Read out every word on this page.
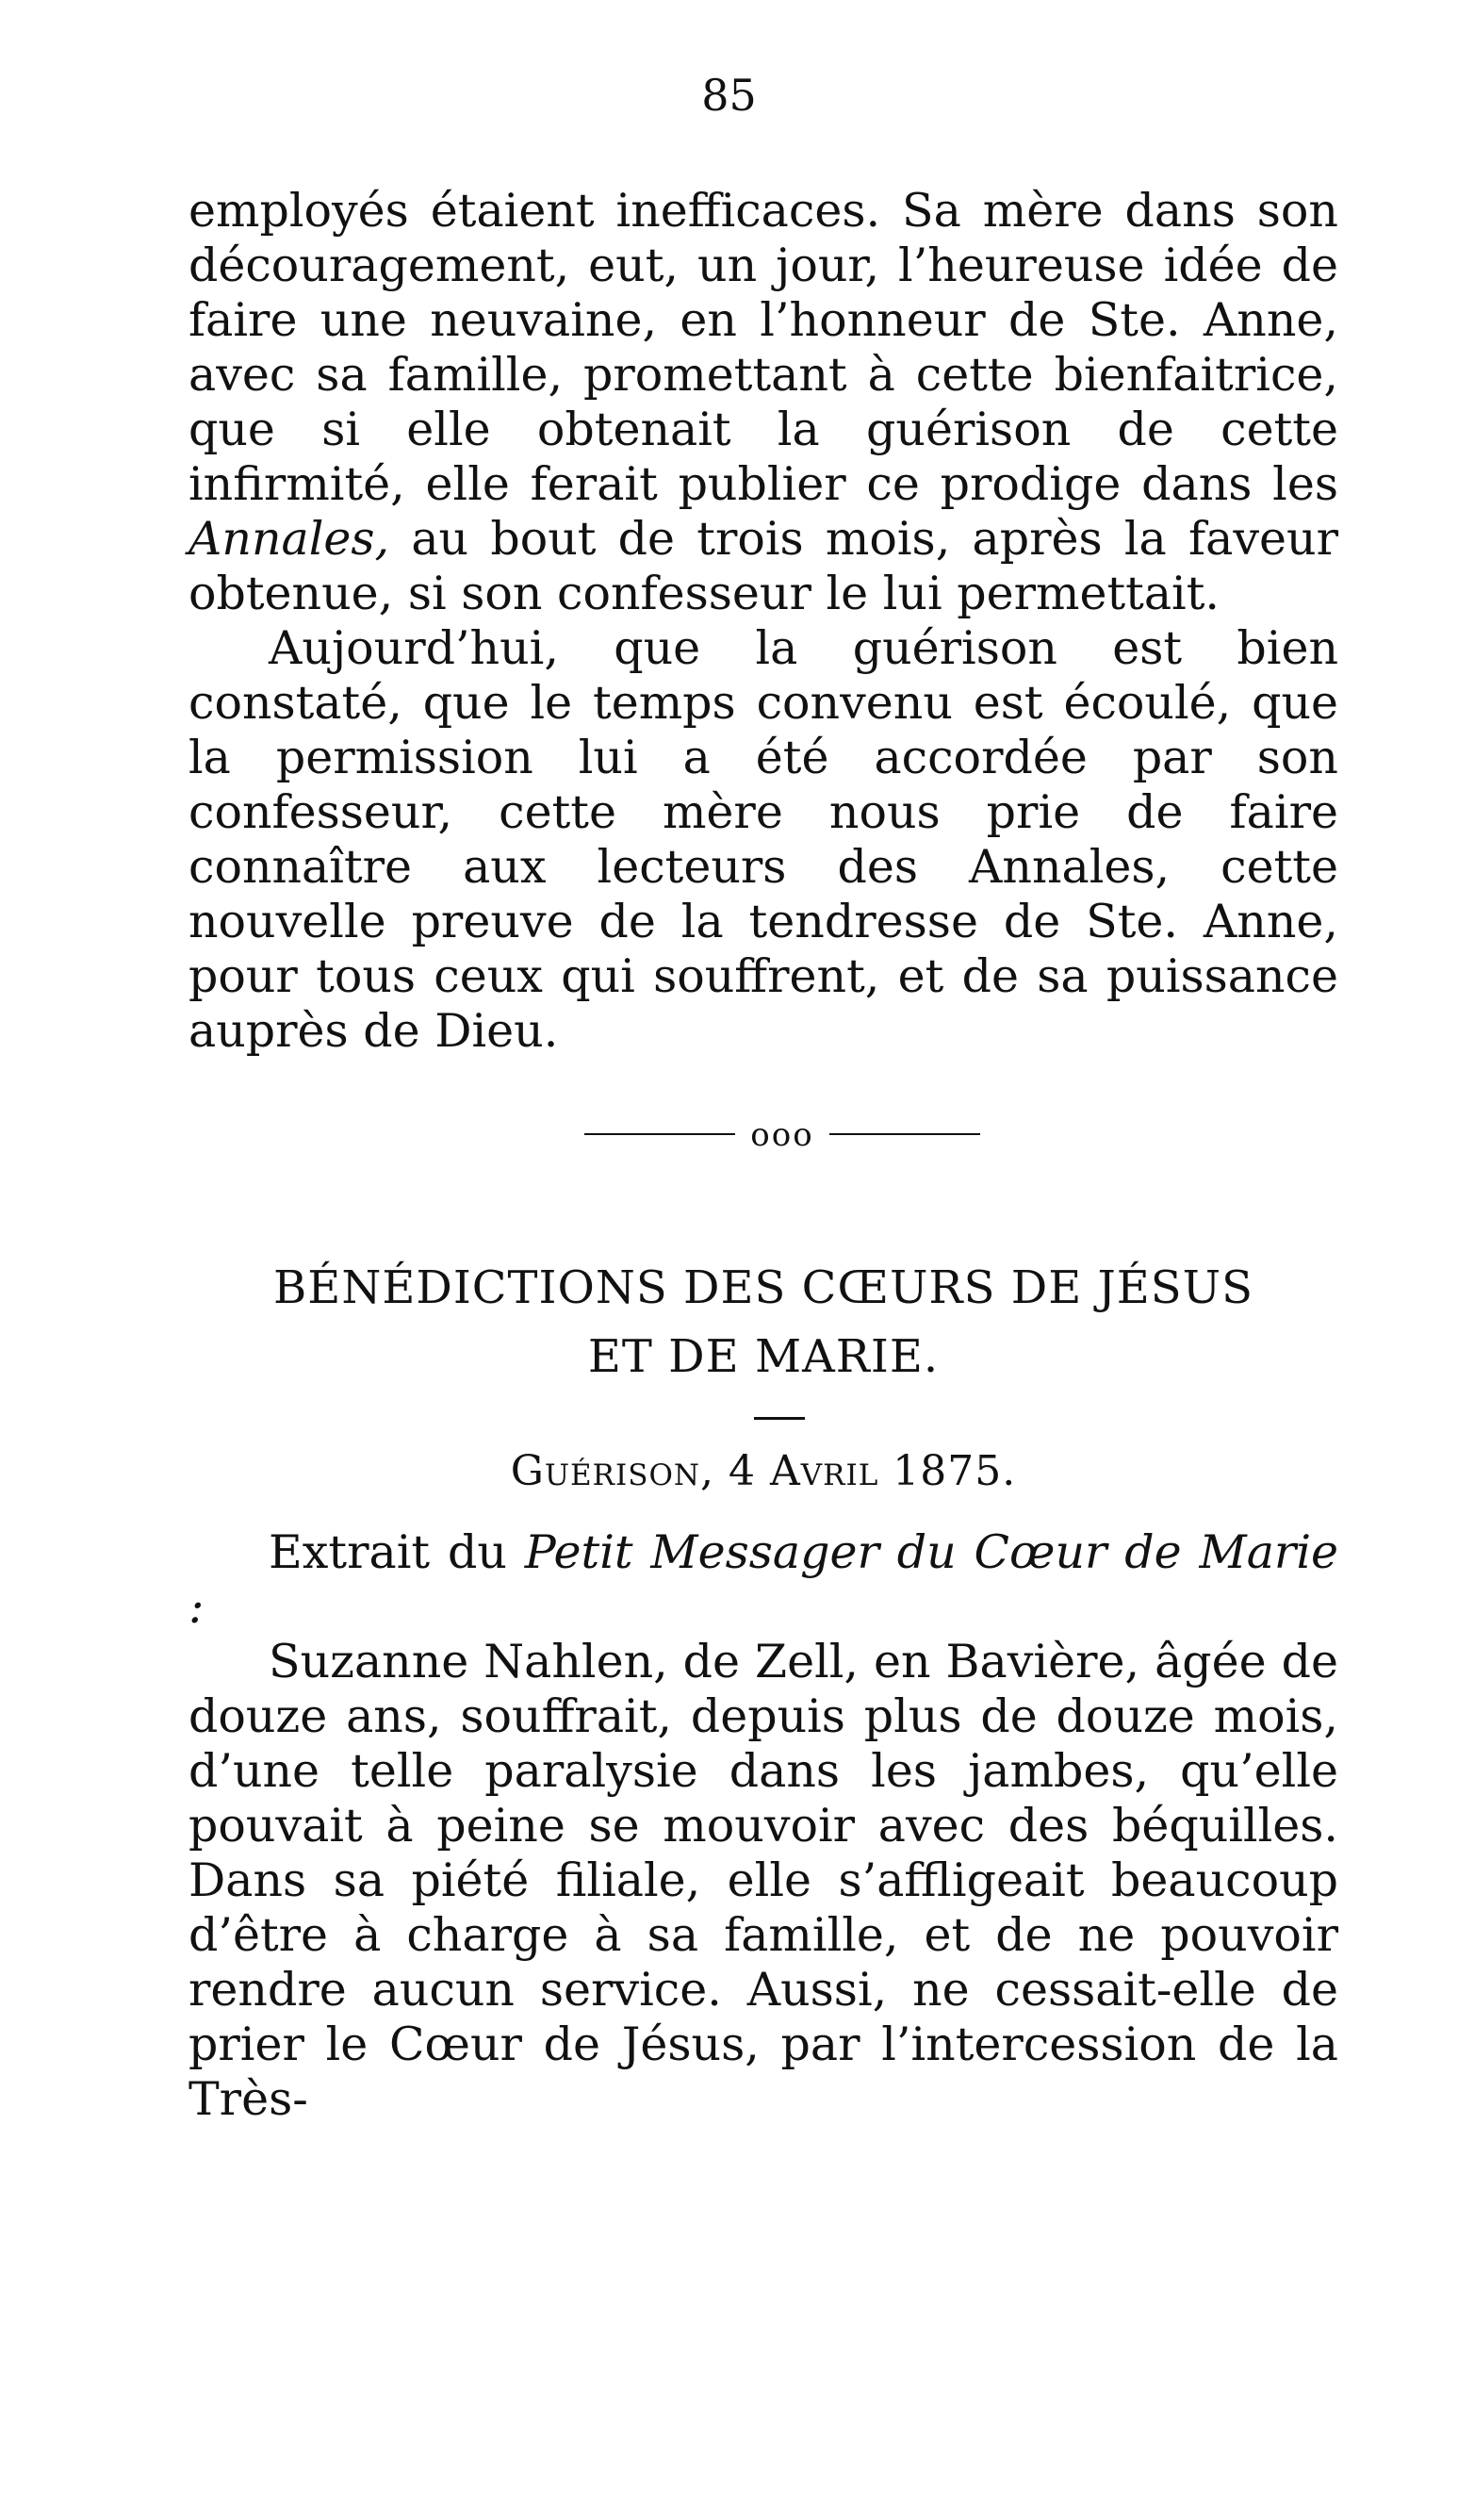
85

employés étaient inefficaces. Sa mère dans son découragement, eut, un jour, l’heureuse idée de faire une neuvaine, en l’honneur de Ste. Anne, avec sa famille, promettant à cette bienfaitrice, que si elle obtenait la guérison de cette infirmité, elle ferait publier ce prodige dans les Annales, au bout de trois mois, après la faveur obtenue, si son confesseur le lui permettait.

Aujourd’hui, que la guérison est bien constaté, que le temps convenu est écoulé, que la permission lui a été accordée par son confesseur, cette mère nous prie de faire connaître aux lecteurs des Annales, cette nouvelle preuve de la tendresse de Ste. Anne, pour tous ceux qui souffrent, et de sa puissance auprès de Dieu.

ooo
BÉNÉDICTIONS DES CŒURS DE JÉSUS
ET DE MARIE.
Guérison, 4 Avril 1875.

Extrait du Petit Messager du Cœur de Marie :

Suzanne Nahlen, de Zell, en Bavière, âgée de douze ans, souffrait, depuis plus de douze mois, d’une telle paralysie dans les jambes, qu’elle pouvait à peine se mouvoir avec des béquilles. Dans sa piété filiale, elle s’affligeait beaucoup d’être à charge à sa famille, et de ne pouvoir rendre aucun service. Aussi, ne cessait-elle de prier le Cœur de Jésus, par l’intercession de la Très-
